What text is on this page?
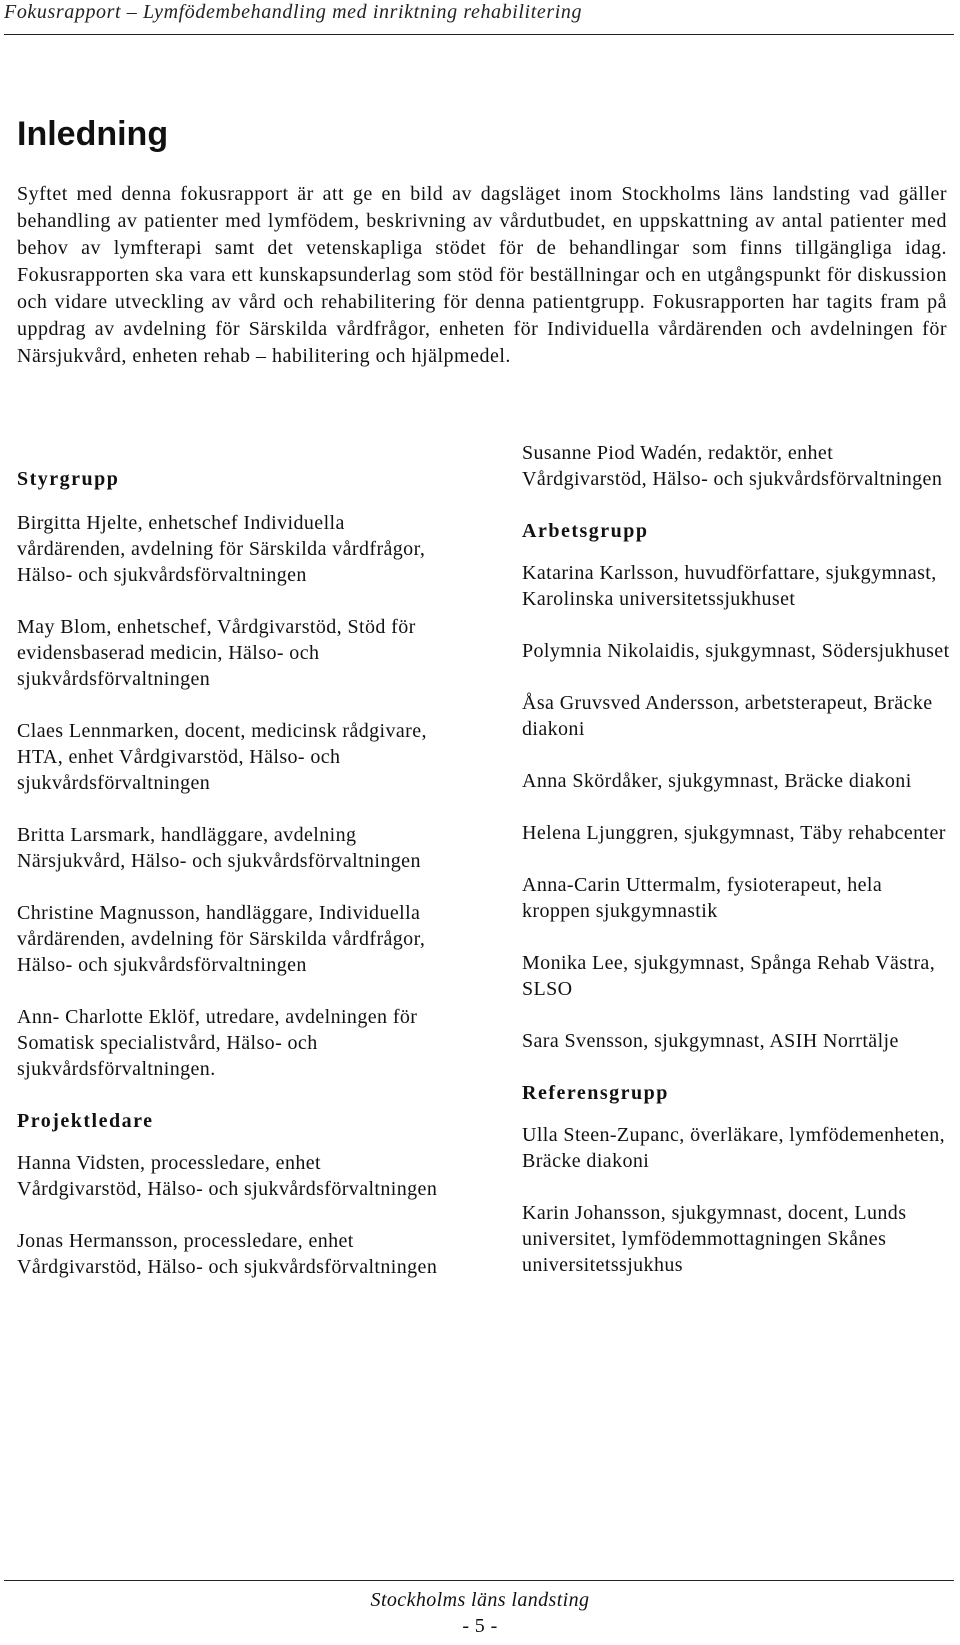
Fokusrapport – Lymfödembehandling med inriktning rehabilitering
Inledning
Syftet med denna fokusrapport är att ge en bild av dagsläget inom Stockholms läns landsting vad gäller behandling av patienter med lymfödem, beskrivning av vårdutbudet, en uppskattning av antal patienter med behov av lymfterapi samt det vetenskapliga stödet för de behandlingar som finns tillgängliga idag. Fokusrapporten ska vara ett kunskapsunderlag som stöd för beställningar och en utgångspunkt för diskussion och vidare utveckling av vård och rehabilitering för denna patientgrupp. Fokusrapporten har tagits fram på uppdrag av avdelning för Särskilda vårdfrågor, enheten för Individuella vårdärenden och avdelningen för Närsjukvård, enheten rehab – habilitering och hjälpmedel.
Styrgrupp
Birgitta Hjelte, enhetschef Individuella vårdärenden, avdelning för Särskilda vårdfrågor, Hälso- och sjukvårdsförvaltningen
May Blom, enhetschef, Vårdgivarstöd, Stöd för evidensbaserad medicin, Hälso- och sjukvårdsförvaltningen
Claes Lennmarken, docent, medicinsk rådgivare, HTA, enhet Vårdgivarstöd, Hälso- och sjukvårdsförvaltningen
Britta Larsmark, handläggare, avdelning Närsjukvård, Hälso- och sjukvårdsförvaltningen
Christine Magnusson, handläggare, Individuella vårdärenden, avdelning för Särskilda vårdfrågor, Hälso- och sjukvårdsförvaltningen
Ann- Charlotte Eklöf, utredare, avdelningen för Somatisk specialistvård, Hälso- och sjukvårdsförvaltningen.
Projektledare
Hanna Vidsten, processledare, enhet Vårdgivarstöd, Hälso- och sjukvårdsförvaltningen
Jonas Hermansson, processledare, enhet Vårdgivarstöd, Hälso- och sjukvårdsförvaltningen
Susanne Piod Wadén, redaktör, enhet Vårdgivarstöd, Hälso- och sjukvårdsförvaltningen
Arbetsgrupp
Katarina Karlsson, huvudförfattare, sjukgymnast, Karolinska universitetssjukhuset
Polymnia Nikolaidis, sjukgymnast, Södersjukhuset
Åsa Gruvsved Andersson, arbetsterapeut, Bräcke diakoni
Anna Skördåker, sjukgymnast, Bräcke diakoni
Helena Ljunggren, sjukgymnast, Täby rehabcenter
Anna-Carin Uttermalm, fysioterapeut, hela kroppen sjukgymnastik
Monika Lee, sjukgymnast, Spånga Rehab Västra, SLSO
Sara Svensson, sjukgymnast, ASIH Norrtälje
Referensgrupp
Ulla Steen-Zupanc, överläkare, lymfödemenheten, Bräcke diakoni
Karin Johansson, sjukgymnast, docent, Lunds universitet, lymfödemmottagningen Skånes universitetssjukhus
Stockholms läns landsting
- 5 -
